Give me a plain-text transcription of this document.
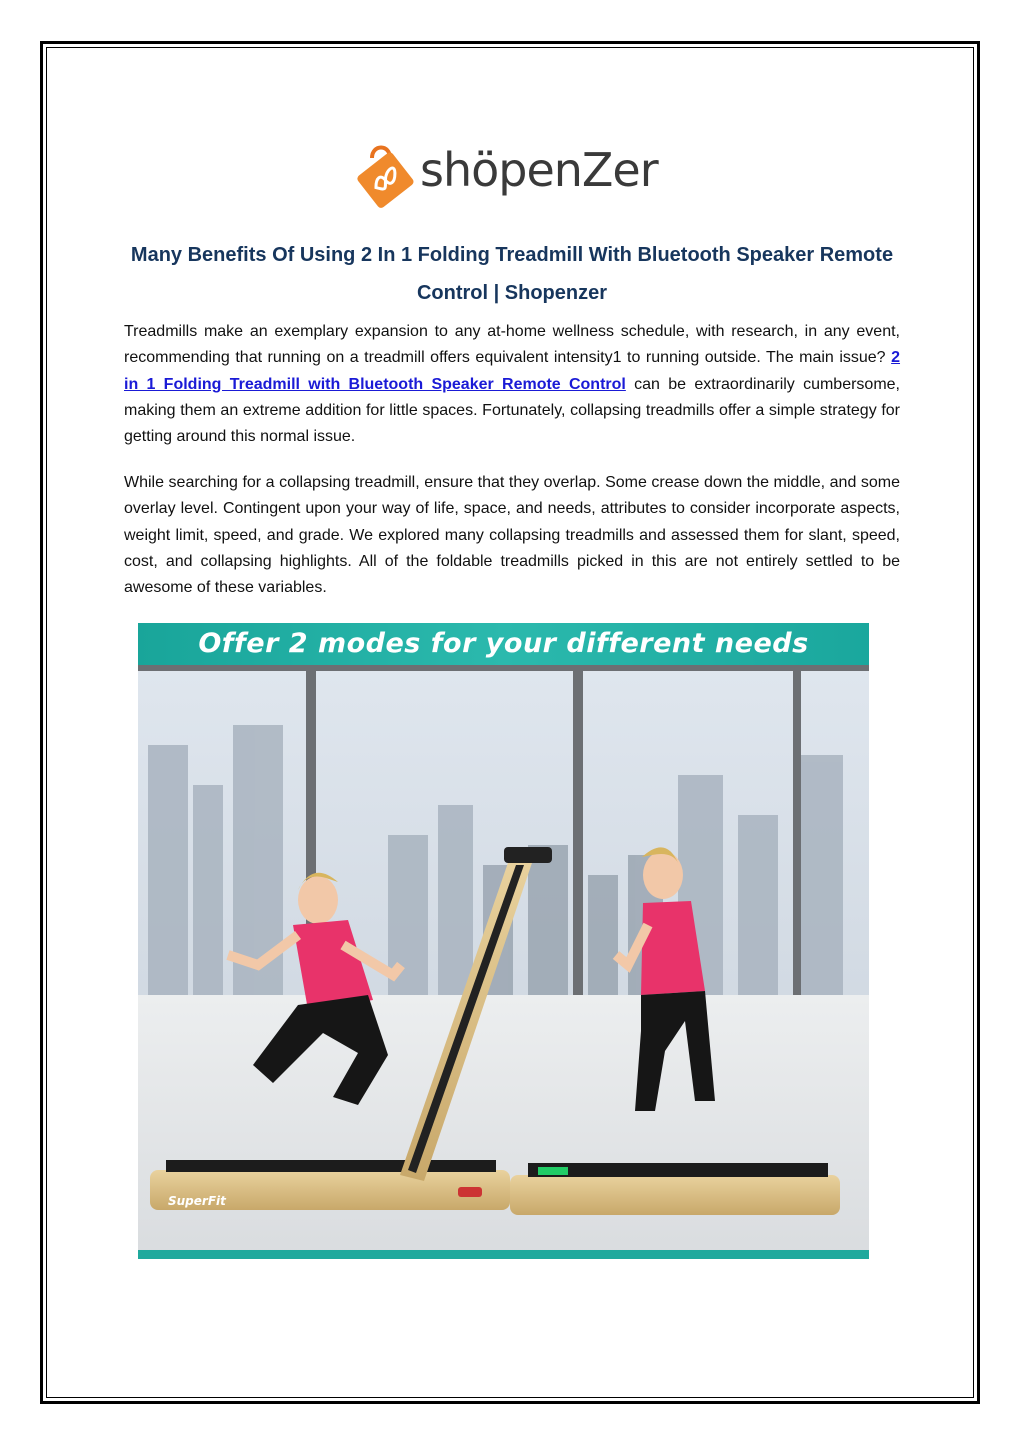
shöpenZer
Many Benefits Of Using 2 In 1 Folding Treadmill With Bluetooth Speaker Remote Control | Shopenzer

Treadmills make an exemplary expansion to any at-home wellness schedule, with research, in any event, recommending that running on a treadmill offers equivalent intensity1 to running outside. The main issue? 2 in 1 Folding Treadmill with Bluetooth Speaker Remote Control can be extraordinarily cumbersome, making them an extreme addition for little spaces. Fortunately, collapsing treadmills offer a simple strategy for getting around this normal issue.

While searching for a collapsing treadmill, ensure that they overlap. Some crease down the middle, and some overlay level. Contingent upon your way of life, space, and needs, attributes to consider incorporate aspects, weight limit, speed, and grade. We explored many collapsing treadmills and assessed them for slant, speed, cost, and collapsing highlights. All of the foldable treadmills picked in this are not entirely settled to be awesome of these variables.

Offer 2 modes for your different needs
SuperFit
